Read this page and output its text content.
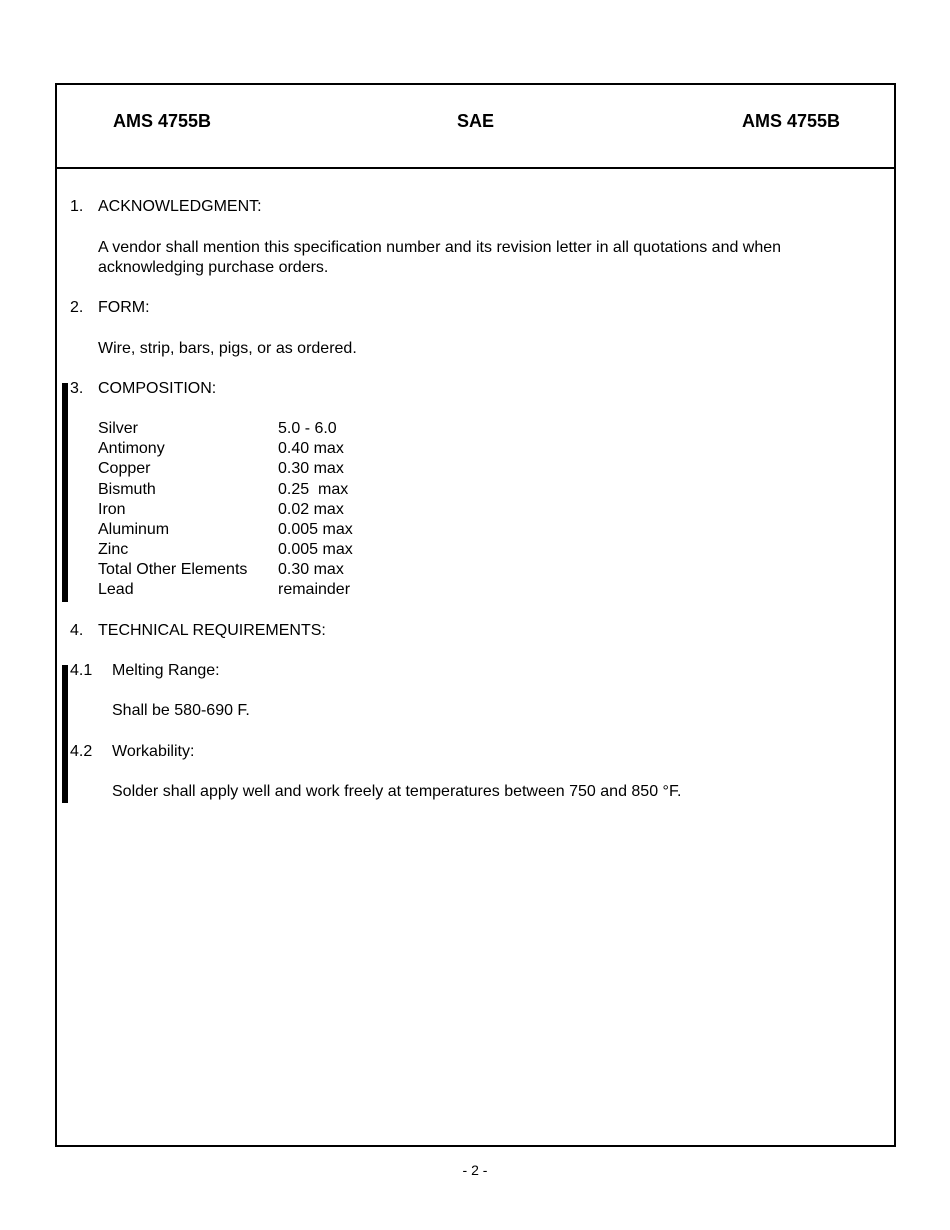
AMS 4755B	SAE	AMS 4755B
1. ACKNOWLEDGMENT:
A vendor shall mention this specification number and its revision letter in all quotations and when acknowledging purchase orders.
2. FORM:
Wire, strip, bars, pigs, or as ordered.
3. COMPOSITION:
Silver	5.0 - 6.0
Antimony	0.40 max
Copper	0.30 max
Bismuth	0.25  max
Iron	0.02 max
Aluminum	0.005 max
Zinc	0.005 max
Total Other Elements 0.30 max
Lead	remainder
4. TECHNICAL REQUIREMENTS:
4.1 Melting Range:
Shall be 580-690 F.
4.2 Workability:
Solder shall apply well and work freely at temperatures between 750 and 850 °F.
- 2 -
